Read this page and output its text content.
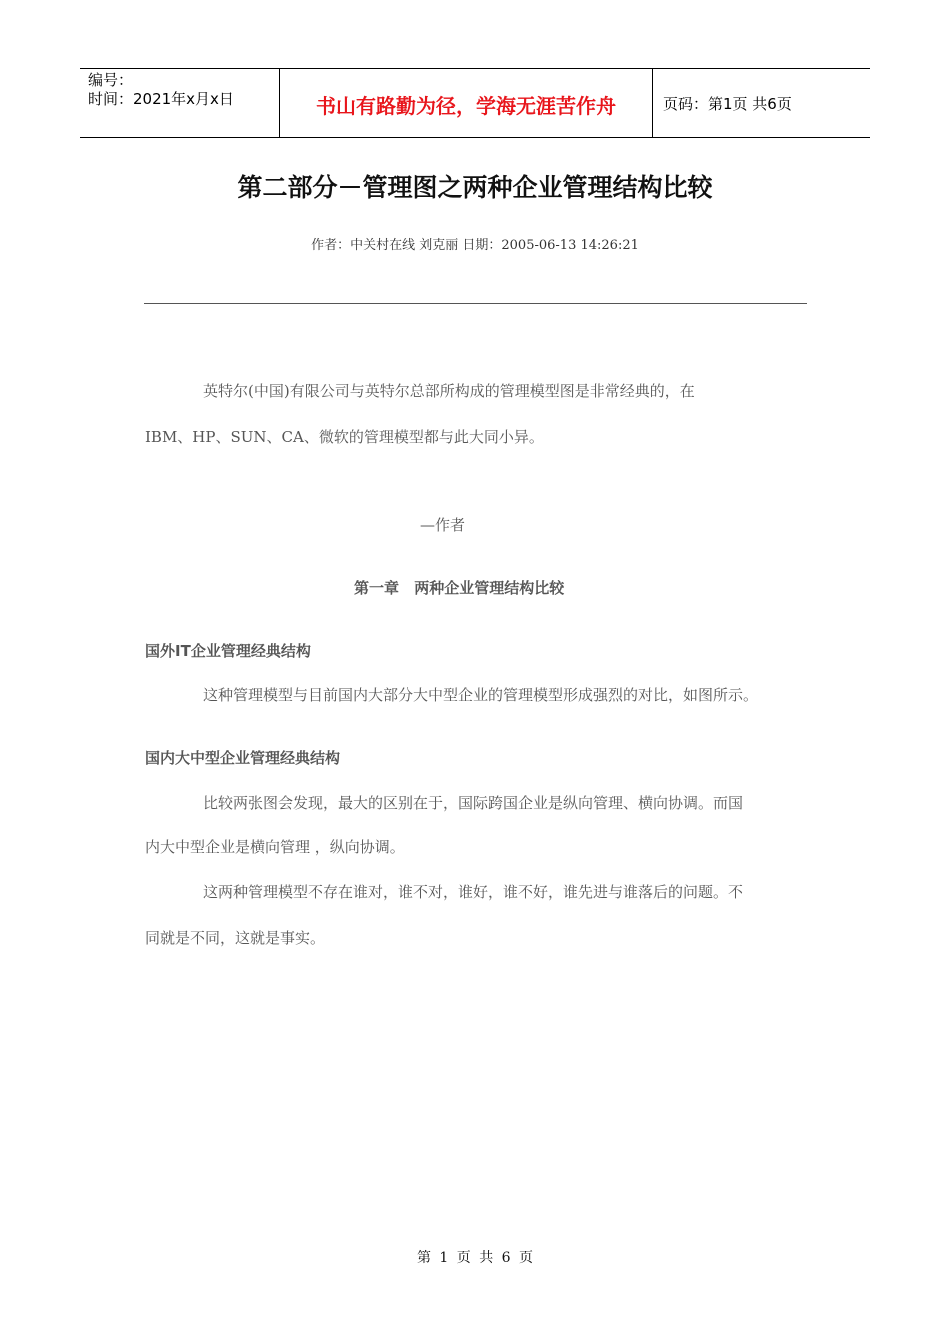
编号：
时间：2021年x月x日	书山有路勤为径，学海无涯苦作舟	页码：第1页 共6页
第二部分－管理图之两种企业管理结构比较
作者：中关村在线 刘克丽 日期：2005-06-13 14:26:21
英特尔(中国)有限公司与英特尔总部所构成的管理模型图是非常经典的，在
IBM、HP、SUN、CA、微软的管理模型都与此大同小异。
—作者
第一章 两种企业管理结构比较
国外IT企业管理经典结构
这种管理模型与目前国内大部分大中型企业的管理模型形成强烈的对比，如图所示。
国内大中型企业管理经典结构
比较两张图会发现，最大的区别在于，国际跨国企业是纵向管理、横向协调。而国
内大中型企业是横向管理 ，纵向协调。
这两种管理模型不存在谁对，谁不对，谁好，谁不好，谁先进与谁落后的问题。不
同就是不同，这就是事实。
第 1 页 共 6 页
